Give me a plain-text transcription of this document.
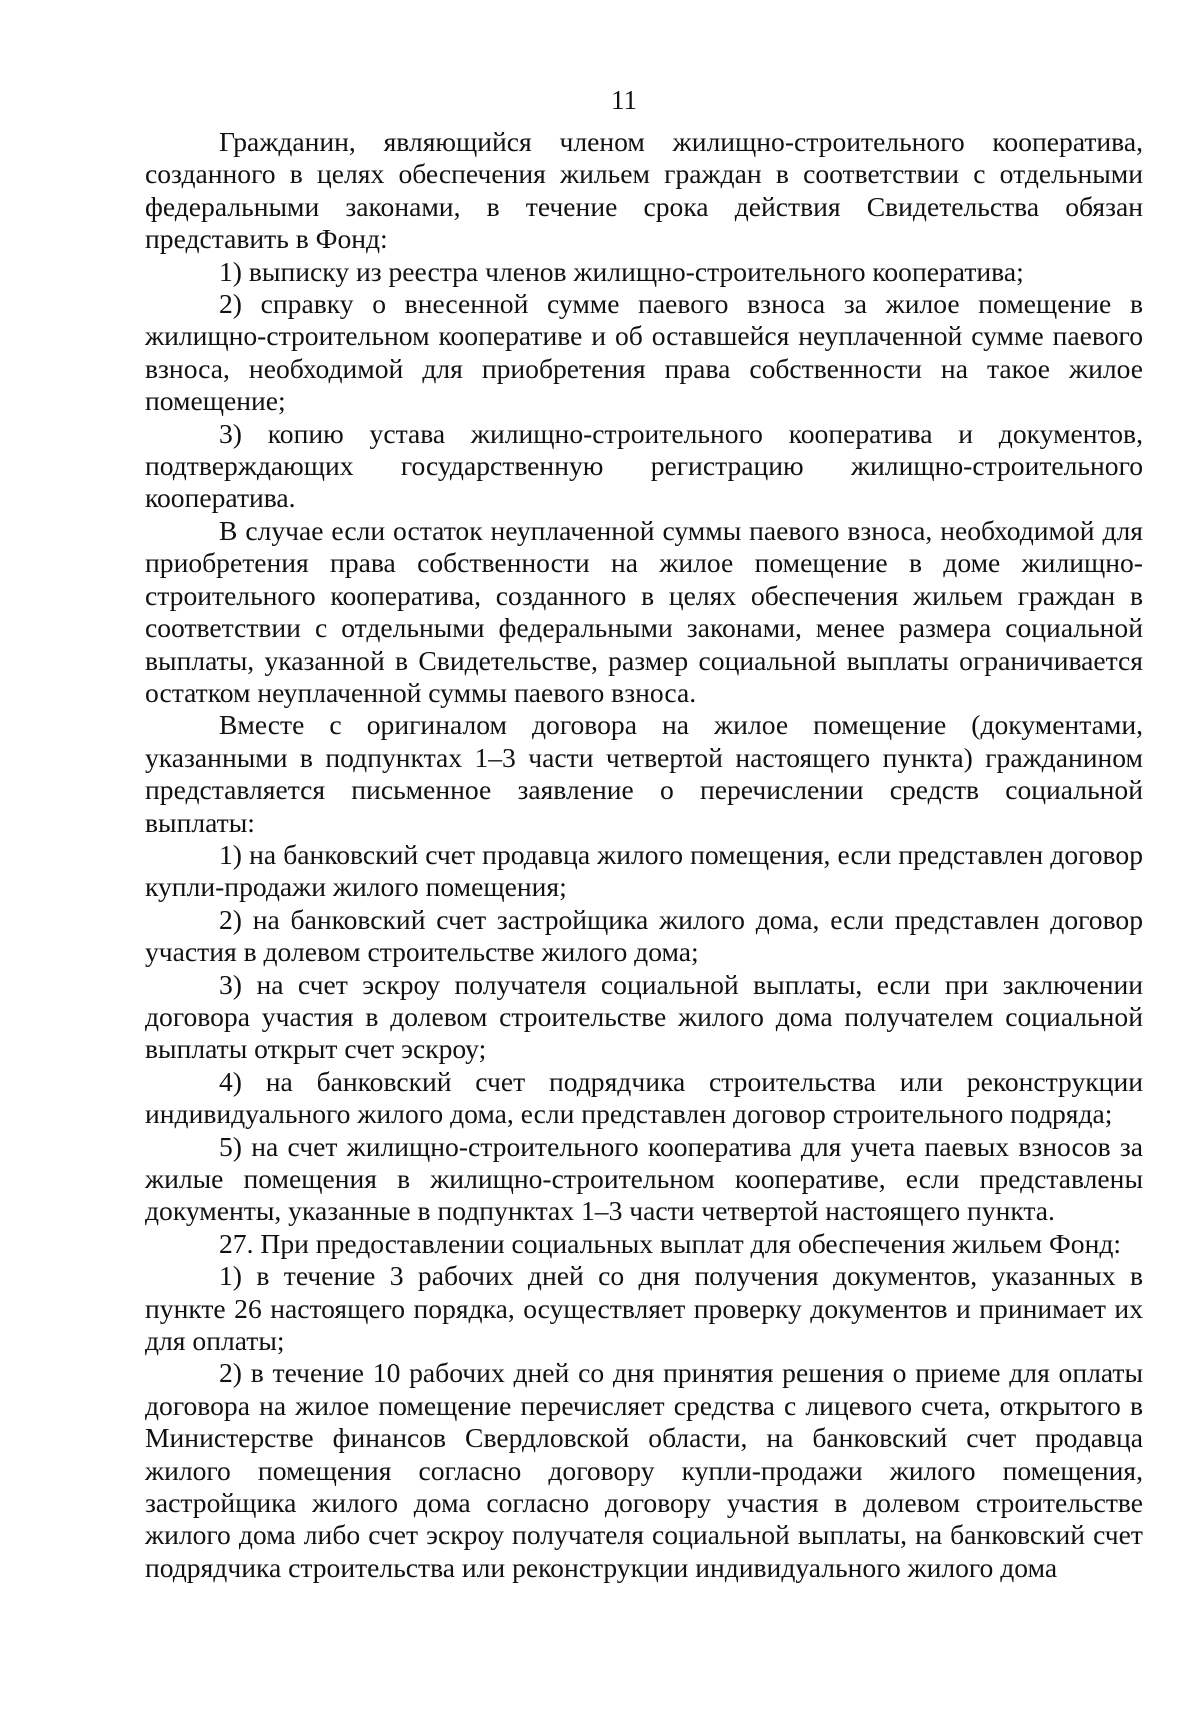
11

Гражданин, являющийся членом жилищно-строительного кооператива, созданного в целях обеспечения жильем граждан в соответствии с отдельными федеральными законами, в течение срока действия Свидетельства обязан представить в Фонд:

1) выписку из реестра членов жилищно-строительного кооператива;

2) справку о внесенной сумме паевого взноса за жилое помещение в жилищно-строительном кооперативе и об оставшейся неуплаченной сумме паевого взноса, необходимой для приобретения права собственности на такое жилое помещение;

3) копию устава жилищно-строительного кооператива и документов, подтверждающих государственную регистрацию жилищно-строительного кооператива.

В случае если остаток неуплаченной суммы паевого взноса, необходимой для приобретения права собственности на жилое помещение в доме жилищно-строительного кооператива, созданного в целях обеспечения жильем граждан в соответствии с отдельными федеральными законами, менее размера социальной выплаты, указанной в Свидетельстве, размер социальной выплаты ограничивается остатком неуплаченной суммы паевого взноса.

Вместе с оригиналом договора на жилое помещение (документами, указанными в подпунктах 1–3 части четвертой настоящего пункта) гражданином представляется письменное заявление о перечислении средств социальной выплаты:

1) на банковский счет продавца жилого помещения, если представлен договор купли-продажи жилого помещения;

2) на банковский счет застройщика жилого дома, если представлен договор участия в долевом строительстве жилого дома;

3) на счет эскроу получателя социальной выплаты, если при заключении договора участия в долевом строительстве жилого дома получателем социальной выплаты открыт счет эскроу;

4) на банковский счет подрядчика строительства или реконструкции индивидуального жилого дома, если представлен договор строительного подряда;

5) на счет жилищно-строительного кооператива для учета паевых взносов за жилые помещения в жилищно-строительном кооперативе, если представлены документы, указанные в подпунктах 1–3 части четвертой настоящего пункта.

27. При предоставлении социальных выплат для обеспечения жильем Фонд:

1) в течение 3 рабочих дней со дня получения документов, указанных в пункте 26 настоящего порядка, осуществляет проверку документов и принимает их для оплаты;

2) в течение 10 рабочих дней со дня принятия решения о приеме для оплаты договора на жилое помещение перечисляет средства с лицевого счета, открытого в Министерстве финансов Свердловской области, на банковский счет продавца жилого помещения согласно договору купли-продажи жилого помещения, застройщика жилого дома согласно договору участия в долевом строительстве жилого дома либо счет эскроу получателя социальной выплаты, на банковский счет подрядчика строительства или реконструкции индивидуального жилого дома
